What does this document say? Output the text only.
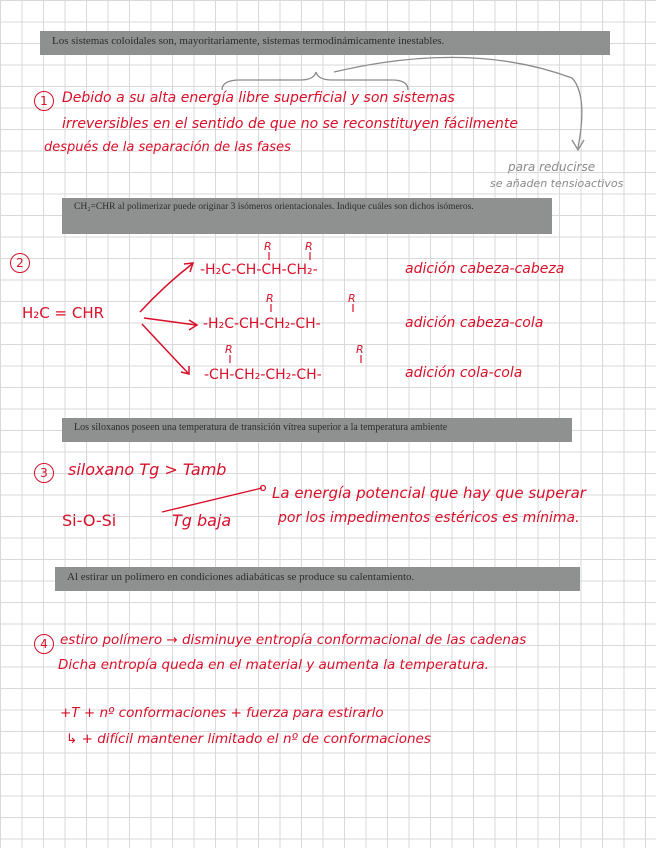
Los sistemas coloidales son, mayoritariamente, sistemas termodinámicamente inestables.
CH₂=CHR al polimerizar puede originar 3 isómeros orientacionales. Indique cuáles son dichos isómeros.
Los siloxanos poseen una temperatura de transición vítrea superior a la temperatura ambiente
Al estirar un polímero en condiciones adiabáticas se produce su calentamiento.
1	Debido a su alta energía libre superficial y son sistemas
irreversibles en el sentido de que no se reconstituyen fácilmente
después de la separación de las fases
para reducirse
se añaden tensioactivos
2
H₂C = CHR
R	R
-H₂C-CH-CH-CH₂-	adición cabeza-cabeza
R	R
-H₂C-CH-CH₂-CH-	adición cabeza-cola
R	R
-CH-CH₂-CH₂-CH-	adición cola-cola
3	siloxano Tg > Tamb
Si-O-Si	Tg baja
La energía potencial que hay que superar
por los impedimentos estéricos es mínima.
4 estiro polímero → disminuye entropía conformacional de las cadenas
Dicha entropía queda en el material y aumenta la temperatura.
+T + nº conformaciones + fuerza para estirarlo
↳ + difícil mantener limitado el nº de conformaciones
